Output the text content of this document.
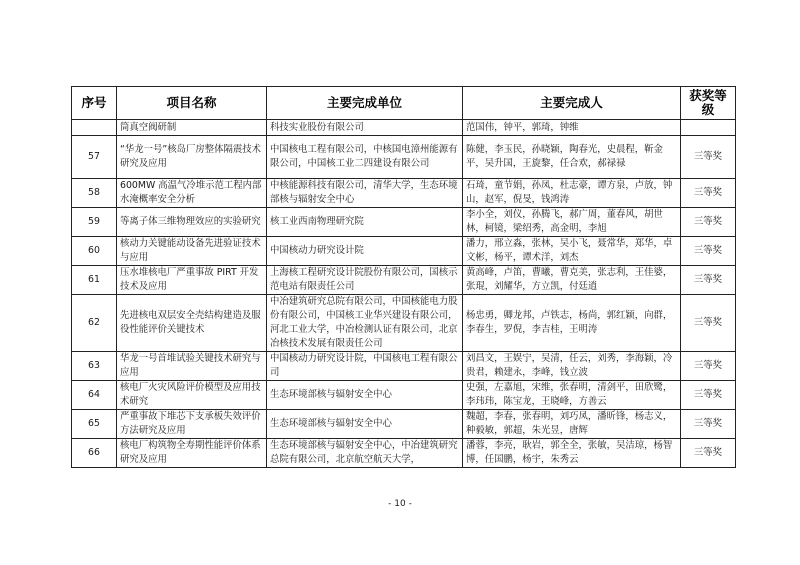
序号	项目名称	主要完成单位	主要完成人	获奖等级
	筒真空阀研制	科技实业股份有限公司	范国伟，钟平，郭琦，钟维	
57	“华龙一号”核岛厂房整体隔震技术研究及应用	中国核电工程有限公司，中核国电漳州能源有限公司，中国核工业二四建设有限公司	陈健，李玉民，孙晓颖，陶春光，史晨程，靳金平，吴升国，王旋黎，任合欢，郝禄禄	三等奖
58	600MW 高温气冷堆示范工程内部水淹概率安全分析	中核能源科技有限公司，清华大学，生态环境部核与辐射安全中心	石琦，童节娟，孙凤，杜志豪，谭方泉，卢放，钟山，赵军，倪旻，钱鸿涛	三等奖
59	等离子体三维物理效应的实验研究	核工业西南物理研究院	李小全，刘仪，孙腾飞，郝广周，董春风，胡世林，柯镜，梁绍秀，高金明，李旭	三等奖
60	核动力关键能动设备先进验证技术与应用	中国核动力研究设计院	潘力，邢立淼，张林，吴小飞，聂常华，郑华，卓文彬，杨平，谭术洋，刘杰	三等奖
61	压水堆核电厂严重事故 PIRT 开发技术及应用	上海核工程研究设计院股份有限公司，国核示范电站有限责任公司	黄高峰，卢笛，曹曦，曹克美，张志利，王佳婆，张琨，刘耀华，方立凯，付廷逍	三等奖
62	先进核电双层安全壳结构建造及服役性能评价关键技术	中冶建筑研究总院有限公司，中国核能电力股份有限公司，中国核工业华兴建设有限公司，河北工业大学，中冶检测认证有限公司，北京冶核技术发展有限责任公司	杨忠勇，卿龙邦，卢铁志，杨尚，郭红颖，向群，李春生，罗倪，李吉桂，王明涛	三等奖
63	华龙一号首堆试验关键技术研究与应用	中国核动力研究设计院，中国核电工程有限公司	刘昌文，王娱宁，吴清，任云，刘秀，李海颖，冷贵君，赖建永，李峰，钱立波	三等奖
64	核电厂火灾风险评价模型及应用技术研究	生态环境部核与辐射安全中心	史强，左嘉旭，宋维，张春明，清剑平，田欣鹭，李玮玮，陈宝龙，王晓峰，方善云	三等奖
65	严重事故下堆芯下支承板失效评价方法研究及应用	生态环境部核与辐射安全中心	魏超，李春，张春明，刘巧凤，潘昕锋，杨志义，种毅敏，郭超，朱光昱，唐辉	三等奖
66	核电厂构筑物全寿期性能评价体系研究及应用	生态环境部核与辐射安全中心，中冶建筑研究总院有限公司，北京航空航天大学，	潘蓉，李亮，耿岩，郭全全，张敏，吴洁琼，杨智博，任国鹏，杨宇，朱秀云	三等奖
- 10 -
